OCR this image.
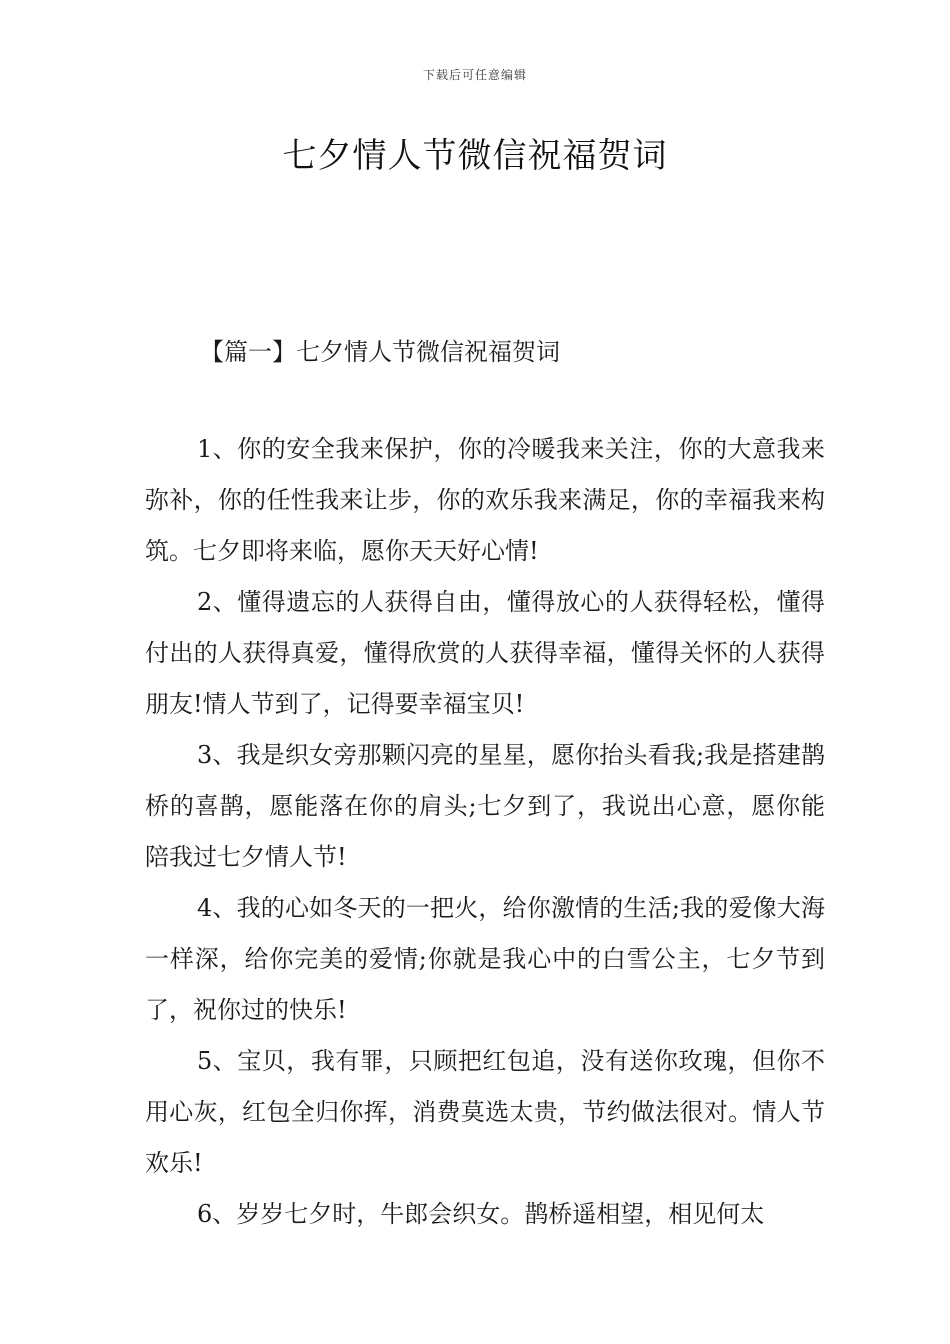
下载后可任意编辑
七夕情人节微信祝福贺词
【篇一】七夕情人节微信祝福贺词

1、你的安全我来保护，你的冷暖我来关注，你的大意我来弥补，你的任性我来让步，你的欢乐我来满足，你的幸福我来构筑。七夕即将来临，愿你天天好心情!

2、懂得遗忘的人获得自由，懂得放心的人获得轻松，懂得付出的人获得真爱，懂得欣赏的人获得幸福，懂得关怀的人获得朋友!情人节到了，记得要幸福宝贝!

3、我是织女旁那颗闪亮的星星，愿你抬头看我;我是搭建鹊桥的喜鹊，愿能落在你的肩头;七夕到了，我说出心意，愿你能陪我过七夕情人节!

4、我的心如冬天的一把火，给你激情的生活;我的爱像大海一样深，给你完美的爱情;你就是我心中的白雪公主，七夕节到了，祝你过的快乐!

5、宝贝，我有罪，只顾把红包追，没有送你玫瑰，但你不用心灰，红包全归你挥，消费莫选太贵，节约做法很对。情人节欢乐!

6、岁岁七夕时，牛郎会织女。鹊桥遥相望，相见何太
